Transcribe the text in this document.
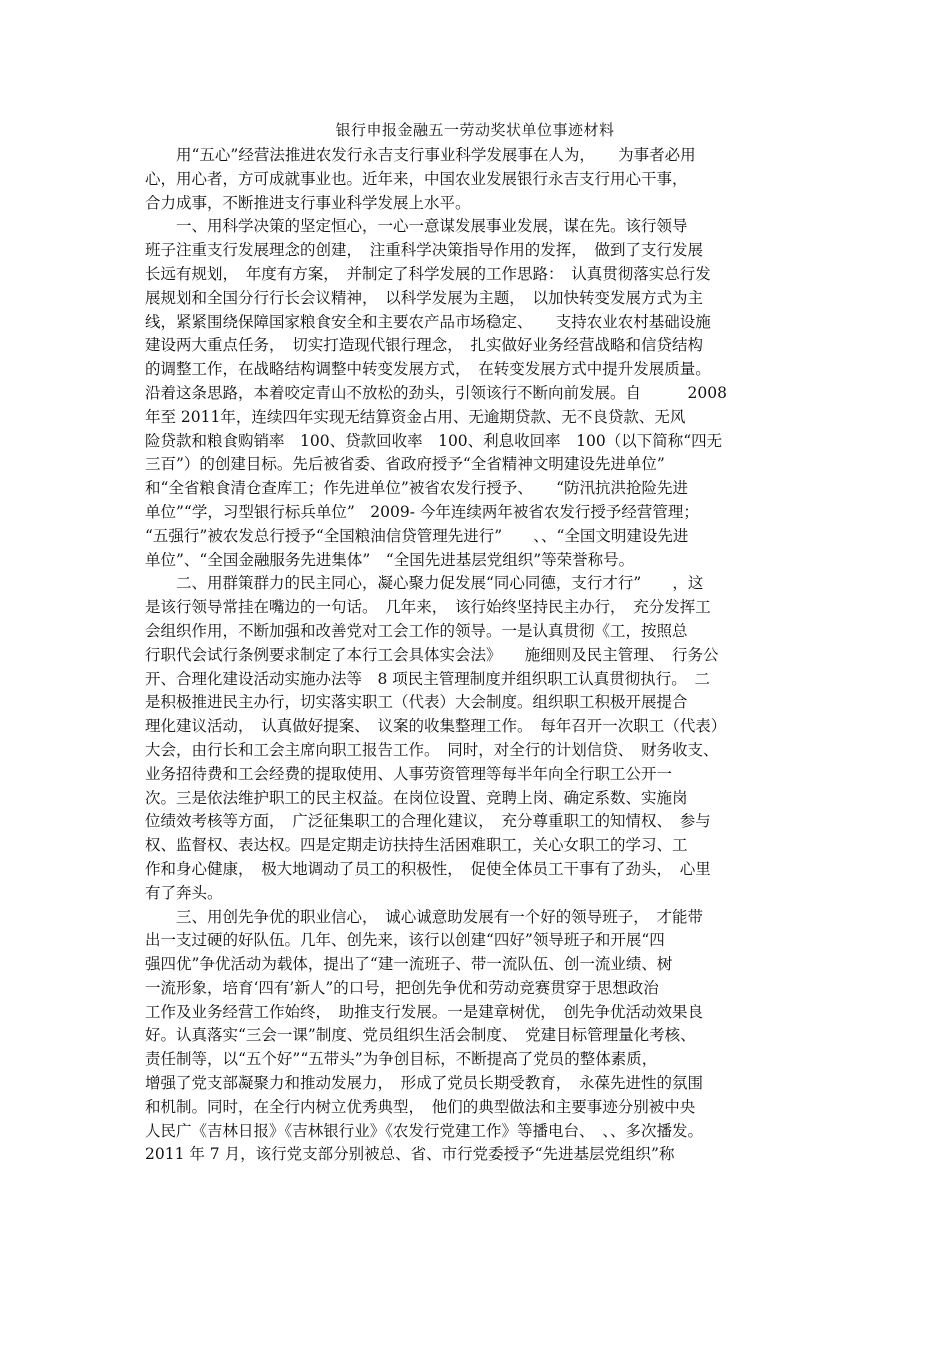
银行申报金融五一劳动奖状单位事迹材料
　　用“五心”经营法推进农发行永吉支行事业科学发展事在人为，　　为事者必用
心，用心者，方可成就事业也。近年来，中国农业发展银行永吉支行用心干事，
合力成事，不断推进支行事业科学发展上水平。
　　一、用科学决策的坚定恒心，一心一意谋发展事业发展，谋在先。该行领导
班子注重支行发展理念的创建，　注重科学决策指导作用的发挥，　做到了支行发展
长远有规划，　年度有方案，　并制定了科学发展的工作思路：　认真贯彻落实总行发
展规划和全国分行行长会议精神，　以科学发展为主题，　以加快转变发展方式为主
线，紧紧围绕保障国家粮食安全和主要农产品市场稳定、　　支持农业农村基础设施
建设两大重点任务，　切实打造现代银行理念，　扎实做好业务经营战略和信贷结构
的调整工作，在战略结构调整中转变发展方式，　在转变发展方式中提升发展质量。
沿着这条思路，本着咬定青山不放松的劲头，引领该行不断向前发展。自　　　2008
年至 2011年，连续四年实现无结算资金占用、无逾期贷款、无不良贷款、无风
险贷款和粮食购销率　100、贷款回收率　100、利息收回率　100（以下简称“四无
三百”）的创建目标。先后被省委、省政府授予“全省精神文明建设先进单位”
和“全省粮食清仓查库工；作先进单位”被省农发行授予、　　“防汛抗洪抢险先进
单位”“学，习型银行标兵单位”　2009- 今年连续两年被省农发行授予经营管理；
“五强行”被农发总行授予“全国粮油信贷管理先进行”　　、、“全国文明建设先进
单位”、“全国金融服务先进集体”　“全国先进基层党组织”等荣誉称号。
　　二、用群策群力的民主同心，凝心聚力促发展“同心同德，支行才行”　　，这
是该行领导常挂在嘴边的一句话。　几年来，　该行始终坚持民主办行，　充分发挥工
会组织作用，不断加强和改善党对工会工作的领导。一是认真贯彻《工，按照总
行职代会试行条例要求制定了本行工会具体实会法》　　施细则及民主管理、　行务公
开、合理化建设活动实施办法等　8 项民主管理制度并组织职工认真贯彻执行。　二
是积极推进民主办行，切实落实职工（代表）大会制度。组织职工积极开展提合
理化建议活动，　认真做好提案、　议案的收集整理工作。　每年召开一次职工（代表）
大会，由行长和工会主席向职工报告工作。　同时，对全行的计划信贷、　财务收支、
业务招待费和工会经费的提取使用、人事劳资管理等每半年向全行职工公开一
次。三是依法维护职工的民主权益。在岗位设置、竞聘上岗、确定系数、实施岗
位绩效考核等方面，　广泛征集职工的合理化建议，　充分尊重职工的知情权、　参与
权、监督权、表达权。四是定期走访扶持生活困难职工，关心女职工的学习、工
作和身心健康，　极大地调动了员工的积极性，　促使全体员工干事有了劲头，　心里
有了奔头。
　　三、用创先争优的职业信心，　诚心诚意助发展有一个好的领导班子，　才能带
出一支过硬的好队伍。几年、创先来，该行以创建“四好”领导班子和开展“四
强四优”争优活动为载体，提出了“建一流班子、带一流队伍、创一流业绩、树
一流形象，培育‘四有’新人”的口号，把创先争优和劳动竞赛贯穿于思想政治
工作及业务经营工作始终，　助推支行发展。一是建章树优，　创先争优活动效果良
好。认真落实“三会一课”制度、党员组织生活会制度、　党建目标管理量化考核、
责任制等，以“五个好”“五带头”为争创目标，不断提高了党员的整体素质，
增强了党支部凝聚力和推动发展力，　形成了党员长期受教育，　永葆先进性的氛围
和机制。同时，在全行内树立优秀典型，　他们的典型做法和主要事迹分别被中央
人民广《吉林日报》《吉林银行业》《农发行党建工作》等播电台、　、、多次播发。
2011 年 7 月，该行党支部分别被总、省、市行党委授予“先进基层党组织”称
